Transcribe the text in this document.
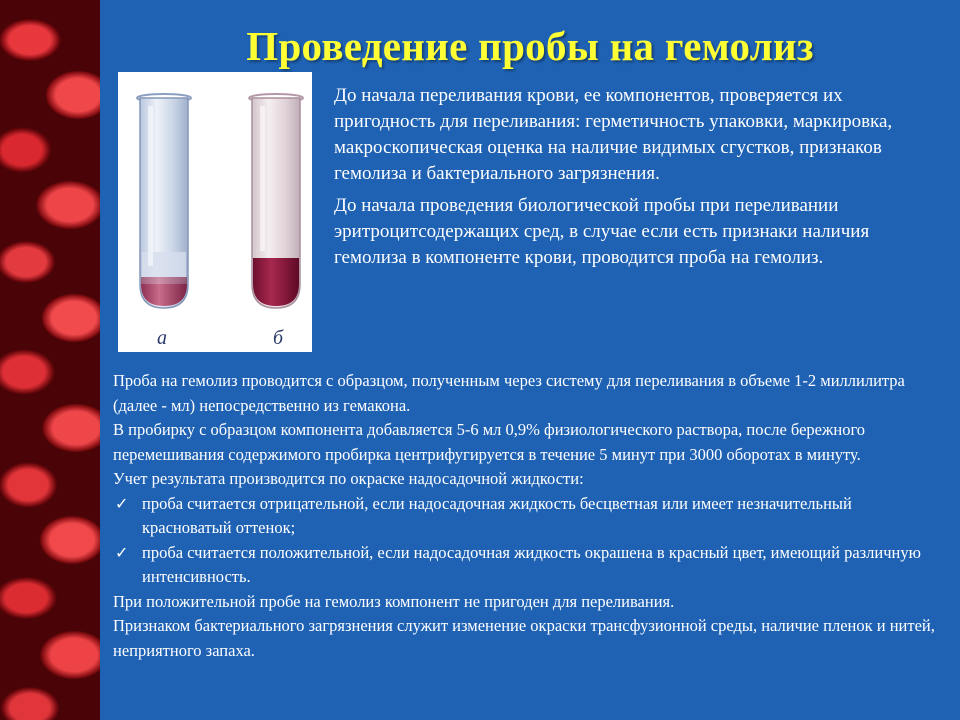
Проведение пробы на гемолиз
а	б

До начала переливания крови, ее компонентов, проверяется их пригодность для переливания: герметичность упаковки, маркировка, макроскопическая оценка на наличие видимых сгустков, признаков гемолиза и бактериального загрязнения.

До начала проведения биологической пробы при переливании эритроцитсодержащих сред, в случае если есть признаки наличия гемолиза в компоненте крови, проводится проба на гемолиз.

Проба на гемолиз проводится с образцом, полученным через систему для переливания в объеме 1-2 миллилитра (далее - мл) непосредственно из гемакона.

В пробирку с образцом компонента добавляется 5-6 мл 0,9% физиологического раствора, после бережного перемешивания содержимого пробирка центрифугируется в течение 5 минут при 3000 оборотах в минуту.

Учет результата производится по окраске надосадочной жидкости:

✓ проба считается отрицательной, если надосадочная жидкость бесцветная или имеет незначительный красноватый оттенок;

✓ проба считается положительной, если надосадочная жидкость окрашена в красный цвет, имеющий различную интенсивность.

При положительной пробе на гемолиз компонент не пригоден для переливания.

Признаком бактериального загрязнения служит изменение окраски трансфузионной среды, наличие пленок и нитей, неприятного запаха.
